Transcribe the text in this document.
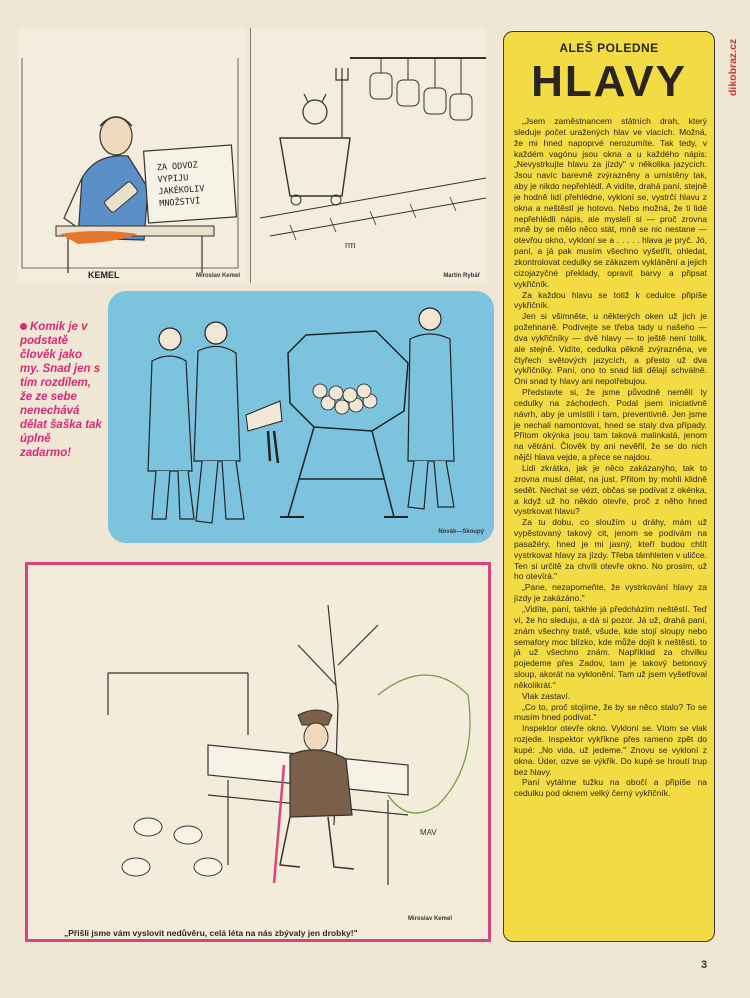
dikobraz.cz
ZA ODVOZ
VYPIJU
JAKÉKOLIV
MNOŽSTVÍ
KEMEL	Miroslav Kemel
rm
Martin Rybář
Komik je v podstatě člověk jako my. Snad jen s tím rozdílem, že ze sebe nenechává dělat šaška tak úplně zadarmo!
Novák—Skoupý
MAV
Miroslav Kemel
„Přišli jsme vám vyslovit nedůvěru, celá léta na nás zbývaly jen drobky!"
ALEŠ POLEDNE
HLAVY

„Jsem zaměstnancem státních drah, který sleduje počet uražených hlav ve vlacích. Možná, že mi hned napoprvé nerozumíte. Tak tedy, v každém vagónu jsou okna a u každého nápis: „Nevystrkujte hlavu za jízdy" v několika jazycích. Jsou navíc barevně zvýrazněny a umístěny tak, aby je nikdo nepřehlédl. A vidíte, drahá paní, stejně je hodně lidí přehlédne, vykloní se, vystrčí hlavu z okna a neštěstí je hotovo. Nebo možná, že ti lidé nepřehlédli nápis, ale myslelí si — proč zrovna mně by se mělo něco stát, mně se nic nestane — otevřou okno, vykloní se a . . . . . hlava je pryč. Jó, paní, a já pak musím všechno vyšetřit, ohledat, zkontrolovat cedulky se zákazem vyklánění a jejich cizojazyčné překlady, opravit barvy a připsat vykřičník.

Za každou hlavu se totiž k cedulce připíše vykřičník.

Jen si všimněte, u některých oken už jich je požehnaně. Podívejte se třeba tady u našeho — dva vykřičníky — dvě hlavy — to ještě není tolik, ale stejně. Vidíte, cedulka pěkně zvýrazněna, ve čtyřech světových jazycích, a přesto už dva vykřičníky. Paní, ono to snad lidi dělají schválně. Oni snad ty hlavy ani nepotřebujou.

Představte si, že jsme původně nemělí ty cedulky na záchodech. Podal jsem iniciativně návrh, aby je umístili i tam, preventivně. Jen jsme je nechali namontovat, hned se staly dva případy. Přitom okýnka jsou tam taková malinkatá, jenom na větrání. Člověk by ani nevěřil, že se do nich nějčí hlava vejde, a přece se najdou.

Lidi zkrátka, jak je něco zakázanýho, tak to zrovna musí dělat, na just. Přitom by mohli klidně sedět. Nechat se vézt, občas se podívat z okénka, a když už ho někdo otevře, proč z něho hned vystrkovat hlavu?

Za tu dobu, co sloužím u dráhy, mám už vypěstovaný takový cit, jenom se podívám na pasažéry, hned je mi jasný, kteří budou chtít vystrkovat hlavy za jízdy. Třeba támhleten v uličce. Ten si určitě za chvíli otevře okno. No prosím, už ho otevírá."

„Pane, nezapomeňte, že vystrkování hlavy za jízdy je zakázáno."

„Vidíte, paní, takhle já předcházím neštěstí. Teď ví, že ho sleduju, a dá si pozor. Já už, drahá paní, znám všechny tratě, všude, kde stojí sloupy nebo semafory moc blízko, kde může dojít k neštěstí, to já už všechno znám. Například za chvilku pojedeme přes Zadov, tam je takový betonový sloup, akorát na vyklonění. Tam už jsem vyšetřoval několikrát."

Vlak zastaví.

„Co to, proč stojíme, že by se něco stalo? To se musím hned podívat."

Inspektor otevře okno. Vykloní se. Vtom se vlak rozjede. Inspektor vykřikne přes rameno zpět do kupé: „No vida, už jedeme." Znovu se vykloní z okna. Úder, ozve se výkřik. Do kupé se hroutí trup bez hlavy.

Paní vytáhne tužku na obočí a připíše na cedulku pod oknem velký černý vykřičník.

3
